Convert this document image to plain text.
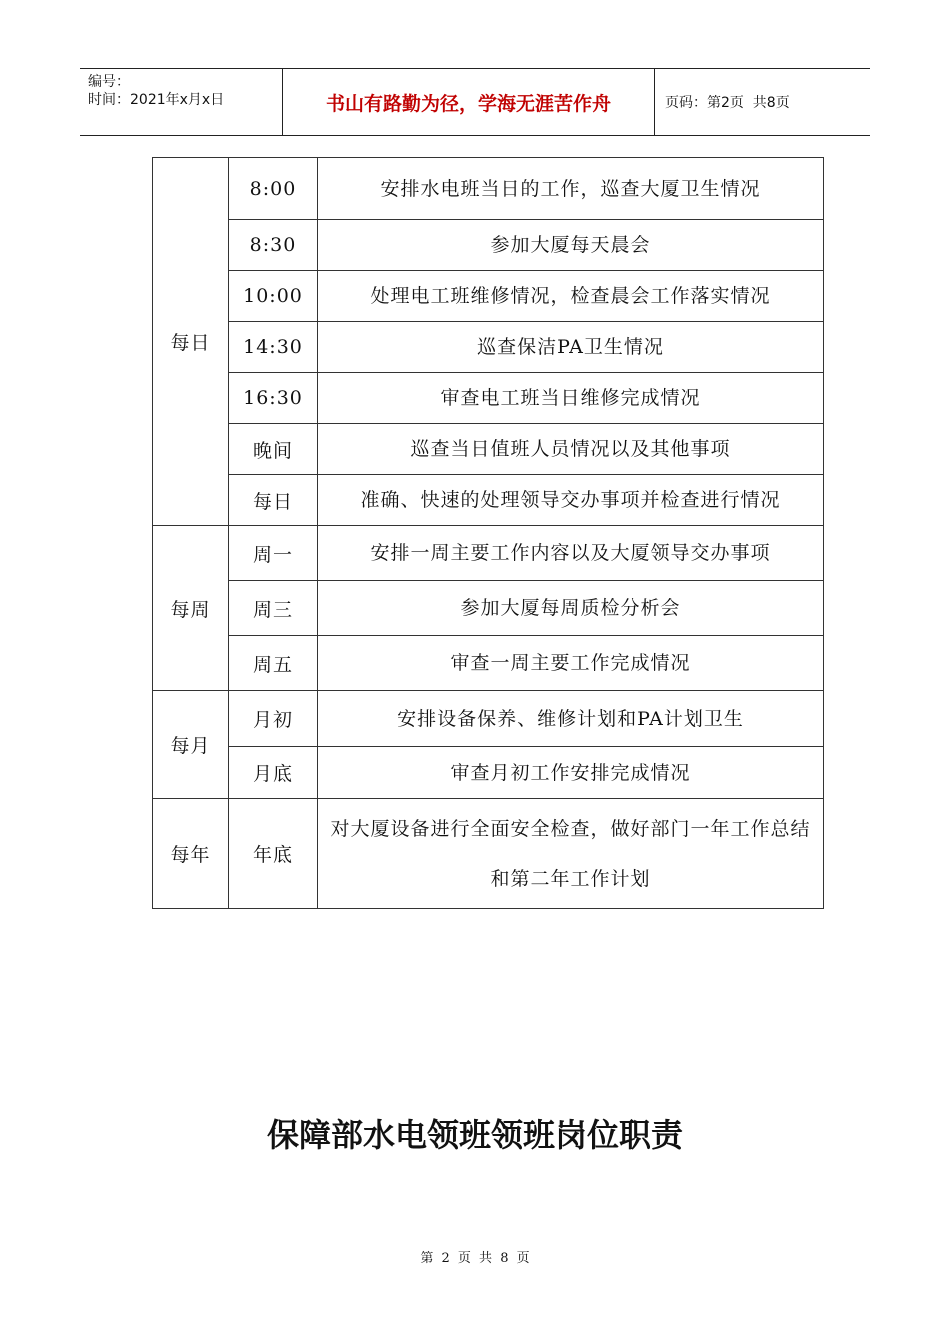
编号：
时间：2021年x月x日	书山有路勤为径，学海无涯苦作舟	页码：第2页  共8页
每日	8:00	安排水电班当日的工作，巡查大厦卫生情况
	8:30	参加大厦每天晨会
	10:00	处理电工班维修情况，检查晨会工作落实情况
	14:30	巡查保洁PA卫生情况
	16:30	审查电工班当日维修完成情况
	晚间	巡查当日值班人员情况以及其他事项
	每日	准确、快速的处理领导交办事项并检查进行情况
每周	周一	安排一周主要工作内容以及大厦领导交办事项
	周三	参加大厦每周质检分析会
	周五	审查一周主要工作完成情况
每月	月初	安排设备保养、维修计划和PA计划卫生
	月底	审查月初工作安排完成情况
每年	年底	对大厦设备进行全面安全检查，做好部门一年工作总结和第二年工作计划
保障部水电领班领班岗位职责
第 2 页 共 8 页
